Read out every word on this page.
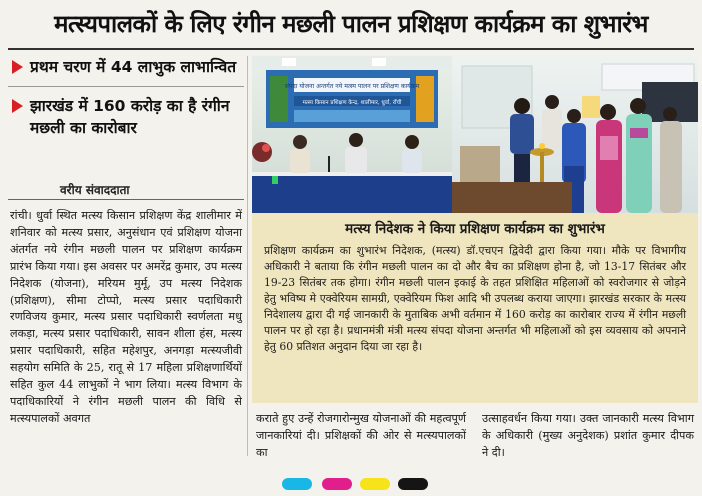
मत्स्यपालकों के लिए रंगीन मछली पालन प्रशिक्षण कार्यक्रम का शुभारंभ
प्रथम चरण में 44 लाभुक लाभान्वित
झारखंड में 160 करोड़ का है रंगीन मछली का कारोबार
वरीय संवाददाता
रांची। धुर्वा स्थित मत्स्य किसान प्रशिक्षण केंद्र शालीमार में शनिवार को मत्स्य प्रसार, अनुसंधान एवं प्रशिक्षण योजना अंतर्गत नये रंगीन मछली पालन पर प्रशिक्षण कार्यक्रम प्रारंभ किया गया। इस अवसर पर अमरेंद्र कुमार, उप मत्स्य निदेशक (योजना), मरियम मुर्मू, उप मत्स्य निदेशक (प्रशिक्षण), सीमा टोप्पो, मत्स्य प्रसार पदाधिकारी रणविजय कुमार, मत्स्य प्रसार पदाधिकारी स्वर्णलता मधु लकड़ा, मत्स्य प्रसार पदाधिकारी, सावन शीला हंस, मत्स्य प्रसार पदाधिकारी, सहित महेशपुर, अनगड़ा मत्स्यजीवी सहयोग समिति के 25, रातू से 17 महिला प्रशिक्षणार्थियों सहित कुल 44 लाभुकों ने भाग लिया। मत्स्य विभाग के पदाधिकारियों ने रंगीन मछली पालन की विधि से मत्स्यपालकों अवगत
संपदा योजना अन्तर्गत नये मत्स्य पालन पर प्रशिक्षण कार्यक्रम
मत्स्य किसान प्रशिक्षण केन्द्र, शालीमार, धुर्वा, राँची
मत्स्य निदेशक ने किया प्रशिक्षण कार्यक्रम का शुभारंभ
प्रशिक्षण कार्यक्रम का शुभारंभ निदेशक, (मत्स्य) डॉ.एचएन द्विवेदी द्वारा किया गया। मौके पर विभागीय अधिकारी ने बताया कि रंगीन मछली पालन का दो और बैच का प्रशिक्षण होना है, जो 13-17 सितंबर और 19-23 सितंबर तक होगा। रंगीन मछली पालन इकाई के तहत प्रशिक्षित महिलाओं को स्वरोजगार से जोड़ने हेतु भविष्य मे एक्वेरियम सामग्री, एक्वेरियम फिश आदि भी उपलब्ध कराया जाएगा। झारखंड सरकार के मत्स्य निदेशालय द्वारा दी गई जानकारी के मुताबिक अभी वर्तमान में 160 करोड़ का कारोबार राज्य में रंगीन मछली पालन पर हो रहा है। प्रधानमंत्री मंत्री मत्स्य संपदा योजना अन्तर्गत भी महिलाओं को इस व्यवसाय को अपनाने हेतु 60 प्रतिशत अनुदान दिया जा रहा है।
कराते हुए उन्हें रोजगारोन्मुख योजनाओं की महत्वपूर्ण जानकारियां दी। प्रशिक्षकों की ओर से मत्स्यपालकों का
उत्साहवर्धन किया गया। उक्त जानकारी मत्स्य विभाग के अधिकारी (मुख्य अनुदेशक) प्रशांत कुमार दीपक ने दी।
